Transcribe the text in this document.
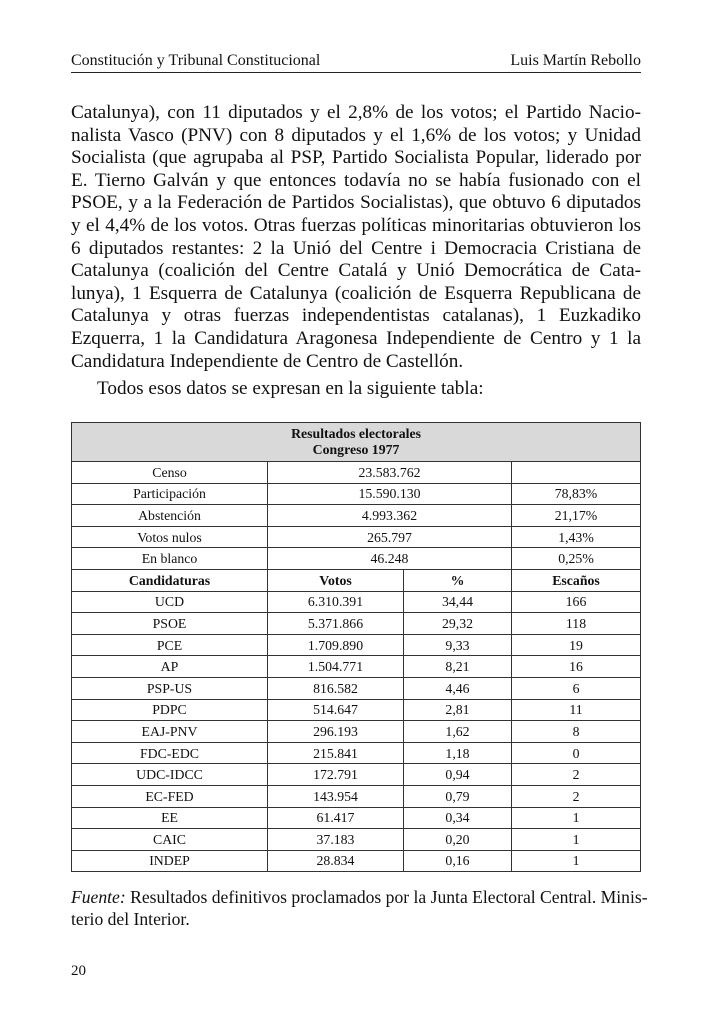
Constitución y Tribunal Constitucional	Luis Martín Rebollo
Catalunya), con 11 diputados y el 2,8% de los votos; el Partido Nacio-
nalista Vasco (PNV) con 8 diputados y el 1,6% de los votos; y Unidad
Socialista (que agrupaba al PSP, Partido Socialista Popular, liderado por
E. Tierno Galván y que entonces todavía no se había fusionado con el
PSOE, y a la Federación de Partidos Socialistas), que obtuvo 6 diputados
y el 4,4% de los votos. Otras fuerzas políticas minoritarias obtuvieron los
6 diputados restantes: 2 la Unió del Centre i Democracia Cristiana de
Catalunya (coalición del Centre Catalá y Unió Democrática de Cata-
lunya), 1 Esquerra de Catalunya (coalición de Esquerra Republicana de
Catalunya y otras fuerzas independentistas catalanas), 1 Euzkadiko
Ezquerra, 1 la Candidatura Aragonesa Independiente de Centro y 1 la
Candidatura Independiente de Centro de Castellón.
Todos esos datos se expresan en la siguiente tabla:
Resultados electorales
Congreso 1977			
Censo	23.583.762		
Participación	15.590.130		78,83%
Abstención	4.993.362		21,17%
Votos nulos	265.797		1,43%
En blanco	46.248		0,25%
Candidaturas	Votos	%	Escaños
UCD	6.310.391	34,44	166
PSOE	5.371.866	29,32	118
PCE	1.709.890	9,33	19
AP	1.504.771	8,21	16
PSP-US	816.582	4,46	6
PDPC	514.647	2,81	11
EAJ-PNV	296.193	1,62	8
FDC-EDC	215.841	1,18	0
UDC-IDCC	172.791	0,94	2
EC-FED	143.954	0,79	2
EE	61.417	0,34	1
CAIC	37.183	0,20	1
INDEP	28.834	0,16	1

Fuente: Resultados definitivos proclamados por la Junta Electoral Central. Minis-
terio del Interior.

20
